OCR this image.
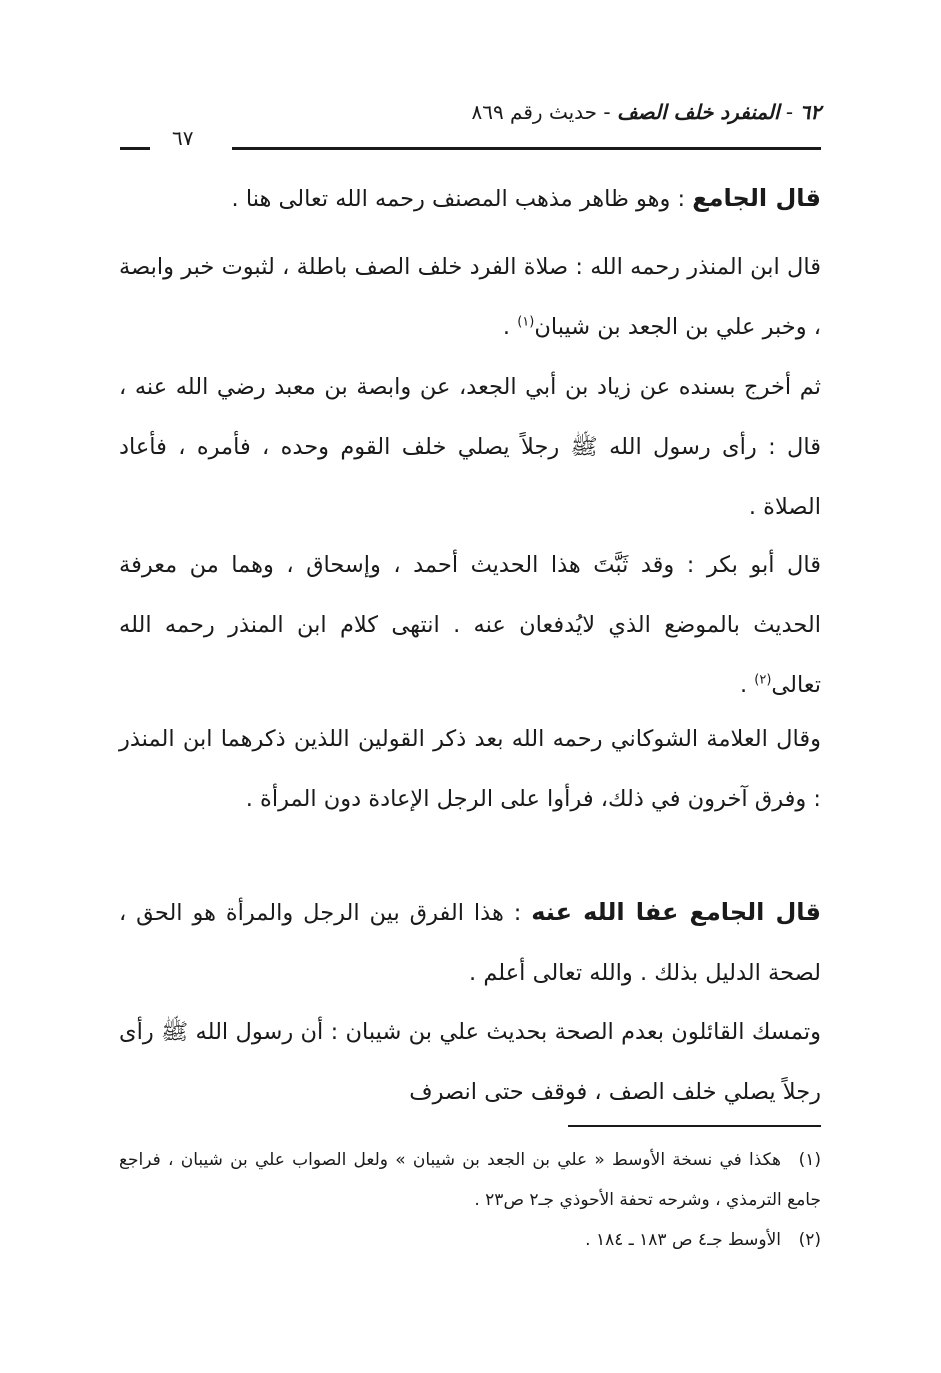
٦٢ - المنفرد خلف الصف - حديث رقم ٨٦٩
٦٧

قال الجامع : وهو ظاهر مذهب المصنف رحمه الله تعالى هنا .

قال ابن المنذر رحمه الله : صلاة الفرد خلف الصف باطلة ، لثبوت خبر وابصة ، وخبر علي بن الجعد بن شيبان$^{(١)}$ .

ثم أخرج بسنده عن زياد بن أبي الجعد، عن وابصة بن معبد رضي الله عنه ، قال : رأى رسول الله ﷺ رجلاً يصلي خلف القوم وحده ، فأمره ، فأعاد الصلاة .

قال أبو بكر : وقد ثَبَّتَ هذا الحديث أحمد ، وإسحاق ، وهما من معرفة الحديث بالموضع الذي لايُدفعان عنه . انتهى كلام ابن المنذر رحمه الله تعالى$^{(٢)}$ .

وقال العلامة الشوكاني رحمه الله بعد ذكر القولين اللذين ذكرهما ابن المنذر : وفرق آخرون في ذلك، فرأوا على الرجل الإعادة دون المرأة .

قال الجامع عفا الله عنه : هذا الفرق بين الرجل والمرأة هو الحق ، لصحة الدليل بذلك . والله تعالى أعلم .

وتمسك القائلون بعدم الصحة بحديث علي بن شيبان : أن رسول الله ﷺ رأى رجلاً يصلي خلف الصف ، فوقف حتى انصرف

(١)هكذا في نسخة الأوسط « علي بن الجعد بن شيبان » ولعل الصواب علي بن شيبان ، فراجع جامع الترمذي ، وشرحه تحفة الأحوذي جـ٢ ص٢٣ .

(٢)الأوسط جـ٤ ص ١٨٣ ـ ١٨٤ .
